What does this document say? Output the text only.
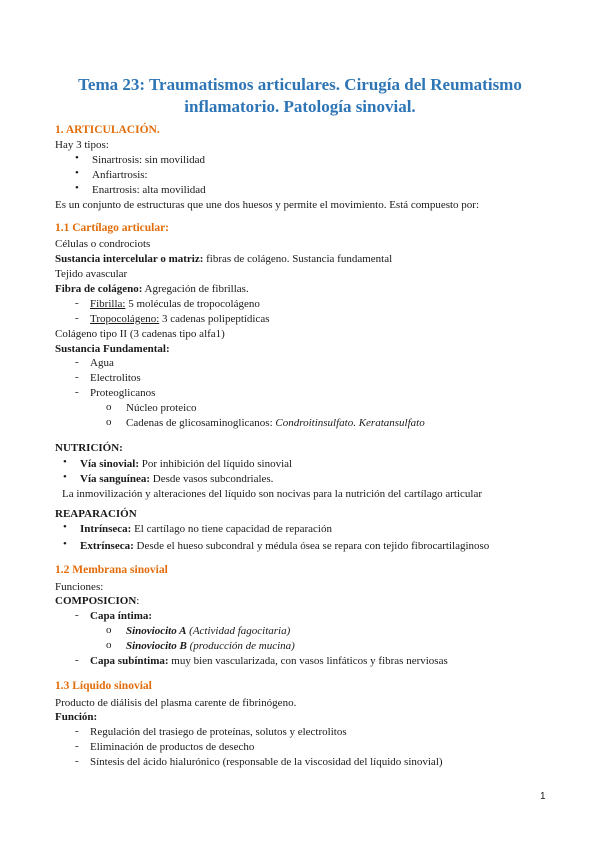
Tema 23: Traumatismos articulares. Cirugía del Reumatismo
inflamatorio. Patología sinovial.
1. ARTICULACIÓN.
Hay 3 tipos:
• Sinartrosis: sin movilidad
• Anfiartrosis:
• Enartrosis: alta movilidad
Es un conjunto de estructuras que une dos huesos y permite el movimiento. Está compuesto por:
1.1 Cartílago articular:
Células o condrociots
Sustancia intercelular o matriz: fibras de colágeno. Sustancia fundamental
Tejido avascular
Fibra de colágeno: Agregación de fibrillas.
- Fibrilla: 5 moléculas de tropocolágeno
- Tropocolágeno: 3 cadenas polipeptídicas
Colágeno tipo II (3 cadenas tipo alfa1)
Sustancia Fundamental:
- Agua
- Electrolitos
- Proteoglicanos
o Núcleo proteico
o Cadenas de glicosaminoglicanos: Condroitinsulfato. Keratansulfato
NUTRICIÓN:
• Vía sinovial: Por inhibición del líquido sinovial
• Vía sanguínea: Desde vasos subcondriales.
La inmovilización y alteraciones del líquido son nocivas para la nutrición del cartílago articular
REAPARACIÓN
• Intrínseca: El cartílago no tiene capacidad de reparación
• Extrínseca: Desde el hueso subcondral y médula ósea se repara con tejido fibrocartilaginoso
1.2 Membrana sinovial
Funciones:
COMPOSICION:
- Capa íntima:
o Sinoviocito A (Actividad fagocitaria)
o Sinoviocito B (producción de mucina)
- Capa subíntima: muy bien vascularizada, con vasos linfáticos y fibras nerviosas
1.3 Líquido sinovial
Producto de diálisis del plasma carente de fibrinógeno.
Función:
- Regulación del trasiego de proteínas, solutos y electrolitos
- Eliminación de productos de desecho
- Síntesis del ácido hialurónico (responsable de la viscosidad del líquido sinovial)
1
